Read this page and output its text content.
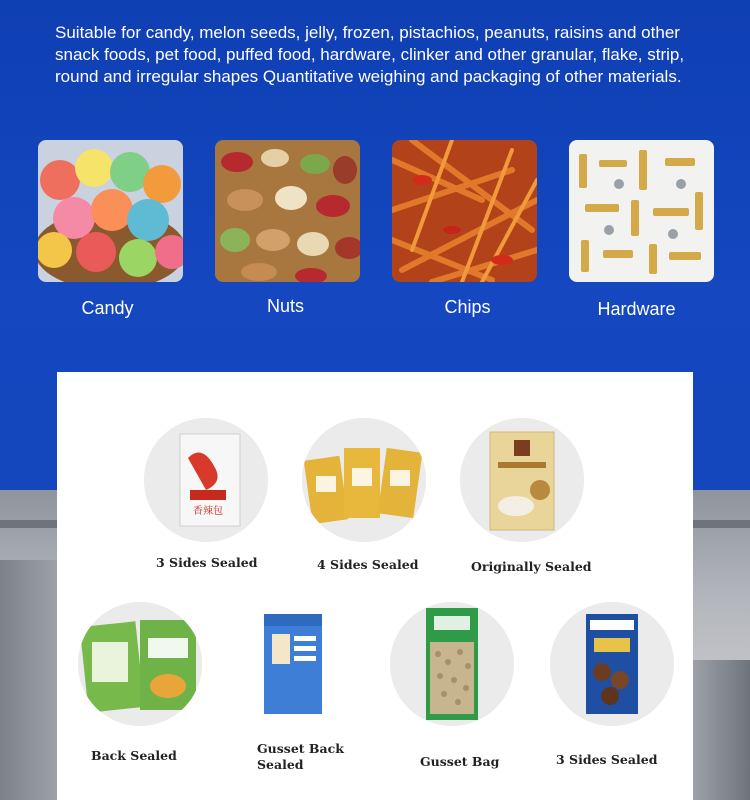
Suitable for candy, melon seeds, jelly, frozen, pistachios, peanuts, raisins and other snack foods, pet food, puffed food, hardware, clinker and other granular, flake, strip, round and irregular shapes Quantitative weighing and packaging of other materials.
Candy	Nuts	Chips	Hardware
香辣包
3 Sides Sealed	4 Sides Sealed	Originally Sealed
Back Sealed	Gusset Back Sealed	Gusset Bag	3 Sides Sealed
